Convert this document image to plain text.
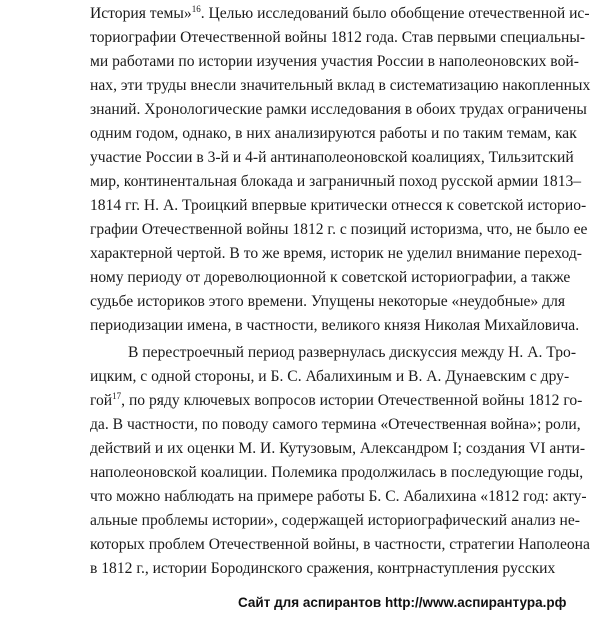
История темы»$^{16}$. Целью исследований было обобщение отечественной ис-
ториографии Отечественной войны 1812 года. Став первыми специальны-
ми работами по истории изучения участия России в наполеоновских вой-
нах, эти труды внесли значительный вклад в систематизацию накопленных
знаний. Хронологические рамки исследования в обоих трудах ограничены
одним годом, однако, в них анализируются работы и по таким темам, как
участие России в 3-й и 4-й антинаполеоновской коалициях, Тильзитский
мир, континентальная блокада и заграничный поход русской армии 1813–
1814 гг. Н. А. Троицкий впервые критически отнесся к советской историо-
графии Отечественной войны 1812 г. с позиций историзма, что, не было ее
характерной чертой. В то же время, историк не уделил внимание переход-
ному периоду от дореволюционной к советской историографии, а также
судьбе историков этого времени. Упущены некоторые «неудобные» для
периодизации имена, в частности, великого князя Николая Михайловича.
В перестроечный период развернулась дискуссия между Н. А. Тро-
ицким, с одной стороны, и Б. С. Абалихиным и В. А. Дунаевским с дру-
гой$^{17}$, по ряду ключевых вопросов истории Отечественной войны 1812 го-
да. В частности, по поводу самого термина «Отечественная война»; роли,
действий и их оценки М. И. Кутузовым, Александром I; создания VI анти-
наполеоновской коалиции. Полемика продолжилась в последующие годы,
что можно наблюдать на примере работы Б. С. Абалихина «1812 год: акту-
альные проблемы истории», содержащей историографический анализ не-
которых проблем Отечественной войны, в частности, стратегии Наполеона
в 1812 г., истории Бородинского сражения, контрнаступления русских
Сайт для аспирантов http://www.аспирантура.рф
